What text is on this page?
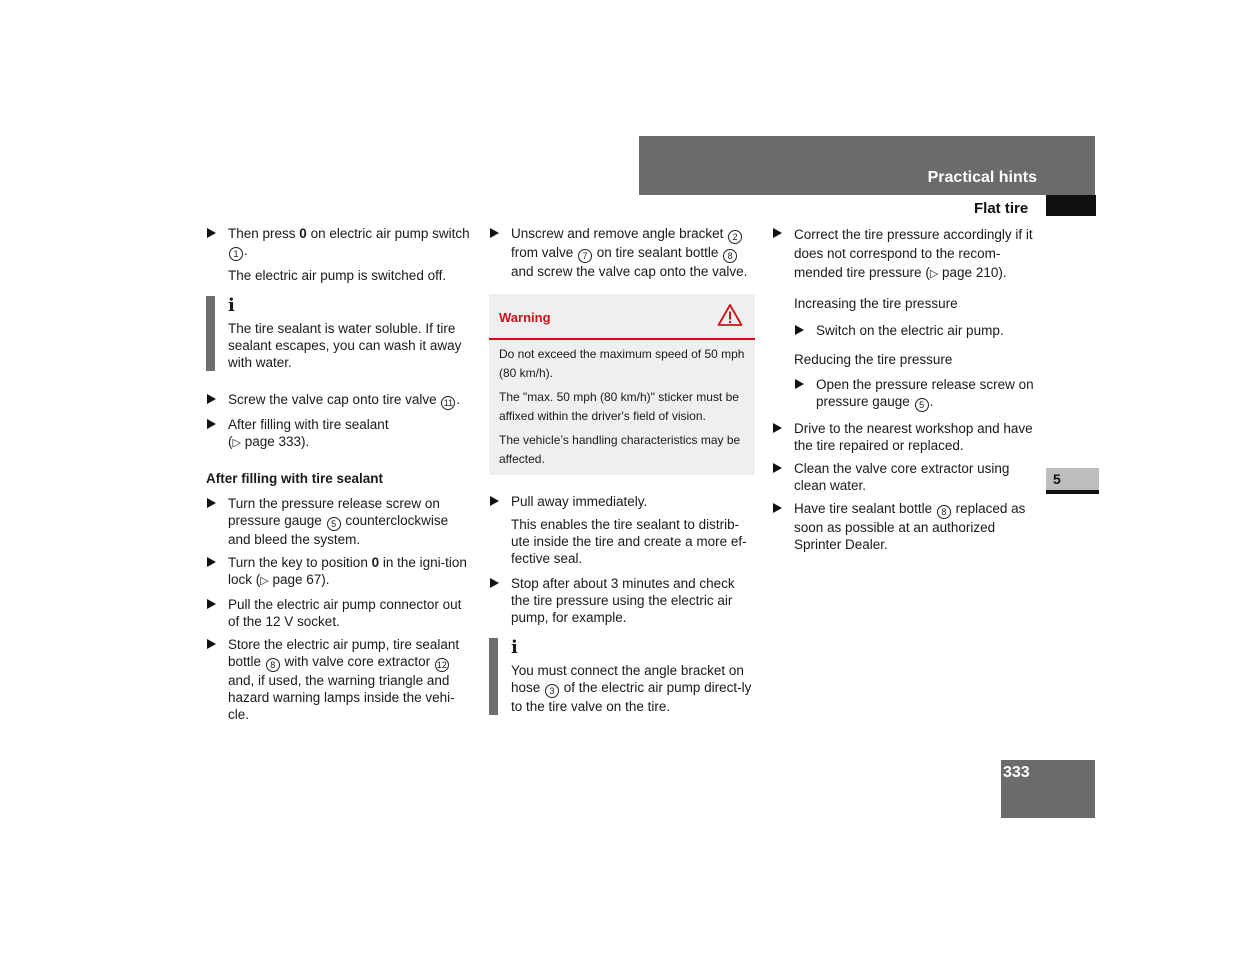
Practical hints
Flat tire
5
333
Then press 0 on electric air pump switch 1 .
The electric air pump is switched off.
i
The tire sealant is water soluble. If tire sealant escapes, you can wash it away with water.
Screw the valve cap onto tire valve 11 .
After filling with tire sealant
(▷ page 333).
After filling with tire sealant
Turn the pressure release screw on pressure gauge 5 counterclockwise and bleed the system.
Turn the key to position 0 in the igni-tion lock (▷ page 67).
Pull the electric air pump connector out of the 12 V socket.
Store the electric air pump, tire sealant bottle 8 with valve core extractor 12 and, if used, the warning triangle and hazard warning lamps inside the vehi-cle.
Unscrew and remove angle bracket 2 from valve 7 on tire sealant bottle 8 and screw the valve cap onto the valve.
Warning
Do not exceed the maximum speed of 50 mph (80 km/h).
The "max. 50 mph (80 km/h)" sticker must be affixed within the driver's field of vision.
The vehicle’s handling characteristics may be affected.
Pull away immediately.
This enables the tire sealant to distrib-ute inside the tire and create a more ef-fective seal.
Stop after about 3 minutes and check the tire pressure using the electric air pump, for example.
i
You must connect the angle bracket on hose 3 of the electric air pump direct-ly to the tire valve on the tire.
Correct the tire pressure accordingly if it does not correspond to the recom-mended tire pressure (▷ page 210).
Increasing the tire pressure
Switch on the electric air pump.
Reducing the tire pressure
Open the pressure release screw on pressure gauge 5 .
Drive to the nearest workshop and have the tire repaired or replaced.
Clean the valve core extractor using clean water.
Have tire sealant bottle 8 replaced as soon as possible at an authorized Sprinter Dealer.
